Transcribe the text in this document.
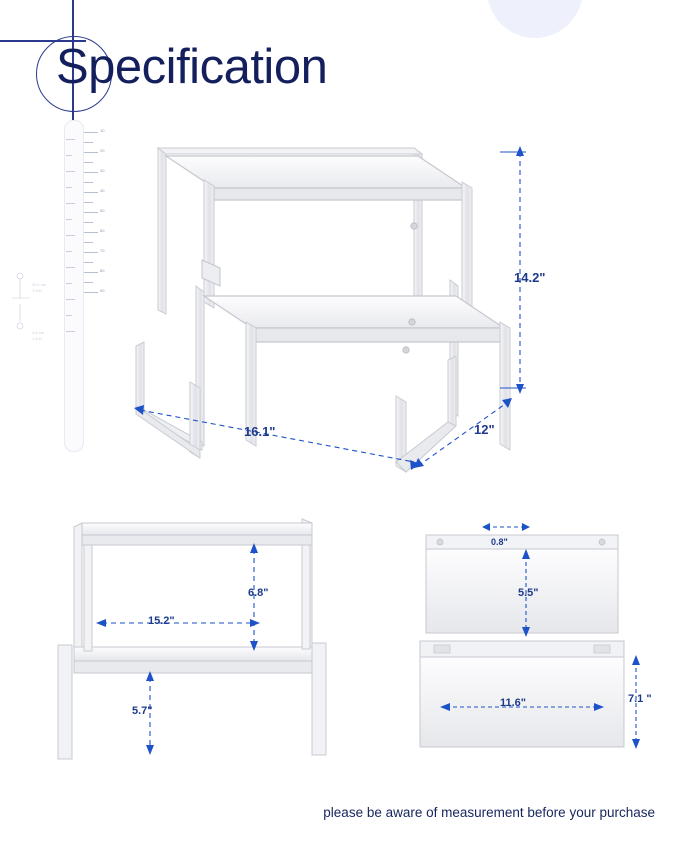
10
20
30
40
50
60
70
80
90
20.1 cm
7.9 in
4.6 cm
1.8 in
Specification
14.2"
16.1"	12"
6.8"
15.2"
5.7"
0.8"
5.5"
11.6"	7.1 "
please be aware of measurement before your purchase
